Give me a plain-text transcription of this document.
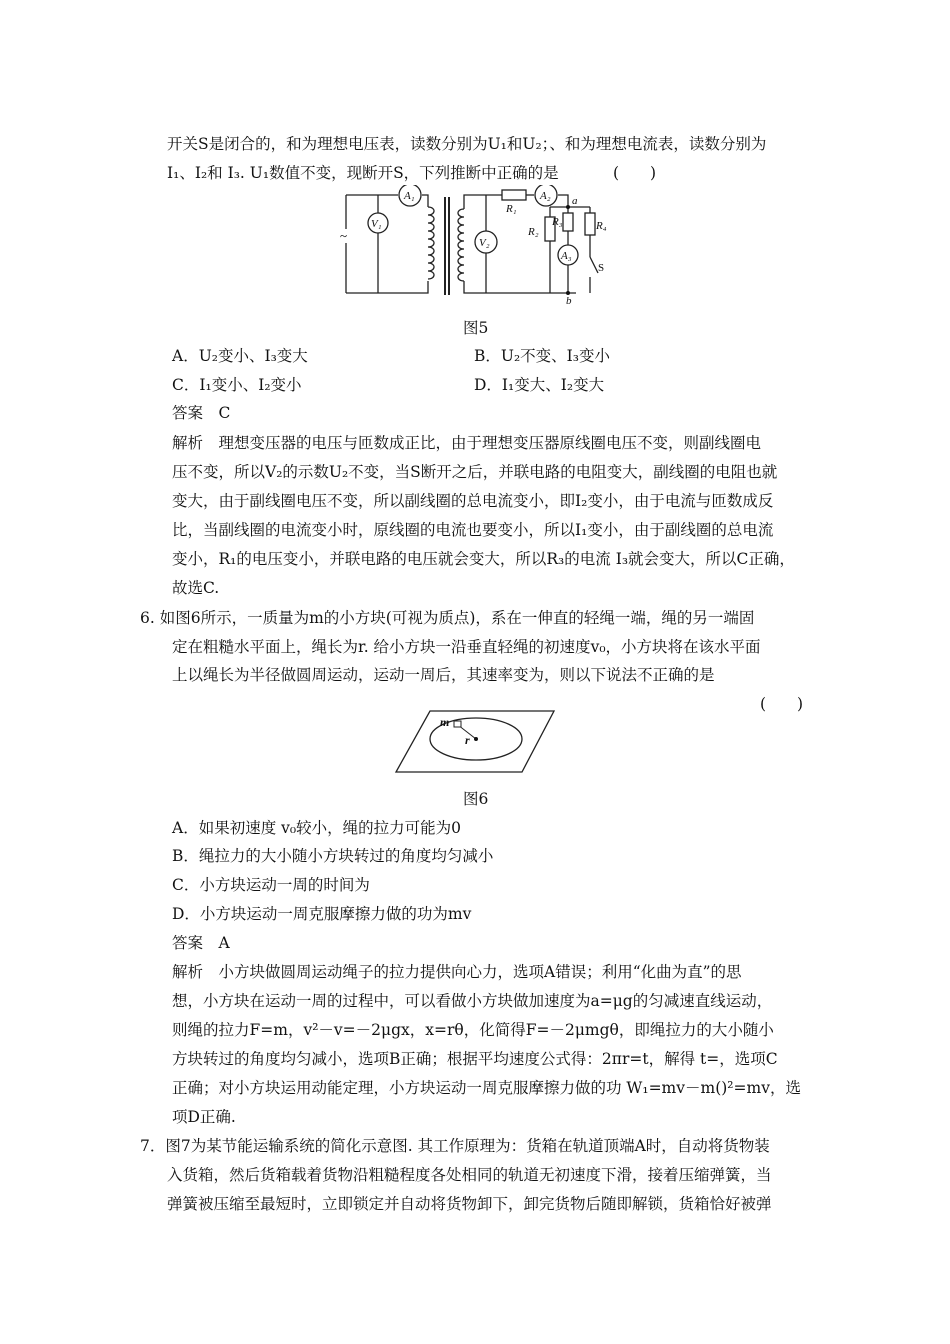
开关S是闭合的，和为理想电压表，读数分别为U₁和U₂；、和为理想电流表，读数分别为
I₁、I₂和 I₃. U₁数值不变，现断开S，下列推断中正确的是	(　　)
~
A₁
V₁
V₂
A₂
A₃
R₁
R₂
R₃	R₄
a
b
S
图5
A．U₂变小、I₃变大	B．U₂不变、I₃变小
C．I₁变小、I₂变小	D．I₁变大、I₂变大
答案　C
解析　理想变压器的电压与匝数成正比，由于理想变压器原线圈电压不变，则副线圈电
压不变，所以V₂的示数U₂不变，当S断开之后，并联电路的电阻变大，副线圈的电阻也就
变大，由于副线圈电压不变，所以副线圈的总电流变小，即I₂变小，由于电流与匝数成反
比，当副线圈的电流变小时，原线圈的电流也要变小，所以I₁变小，由于副线圈的总电流
变小，R₁的电压变小，并联电路的电压就会变大，所以R₃的电流 I₃就会变大，所以C正确，
故选C.
6. 如图6所示，一质量为m的小方块(可视为质点)，系在一伸直的轻绳一端，绳的另一端固
定在粗糙水平面上，绳长为r. 给小方块一沿垂直轻绳的初速度v₀，小方块将在该水平面
上以绳长为半径做圆周运动，运动一周后，其速率变为，则以下说法不正确的是
(　　)
m
r
图6
A．如果初速度 v₀较小，绳的拉力可能为0
B．绳拉力的大小随小方块转过的角度均匀减小
C．小方块运动一周的时间为
D．小方块运动一周克服摩擦力做的功为mv
答案　A
解析　小方块做圆周运动绳子的拉力提供向心力，选项A错误；利用“化曲为直”的思
想，小方块在运动一周的过程中，可以看做小方块做加速度为a=μg的匀减速直线运动，
则绳的拉力F=m，v²－v=－2μgx，x=rθ，化简得F=－2μmgθ，即绳拉力的大小随小
方块转过的角度均匀减小，选项B正确；根据平均速度公式得：2πr=t，解得 t=，选项C
正确；对小方块运用动能定理，小方块运动一周克服摩擦力做的功 W₁=mv－m()²=mv，选
项D正确.
7．图7为某节能运输系统的简化示意图. 其工作原理为：货箱在轨道顶端A时，自动将货物装
入货箱，然后货箱载着货物沿粗糙程度各处相同的轨道无初速度下滑，接着压缩弹簧，当
弹簧被压缩至最短时，立即锁定并自动将货物卸下，卸完货物后随即解锁，货箱恰好被弹
